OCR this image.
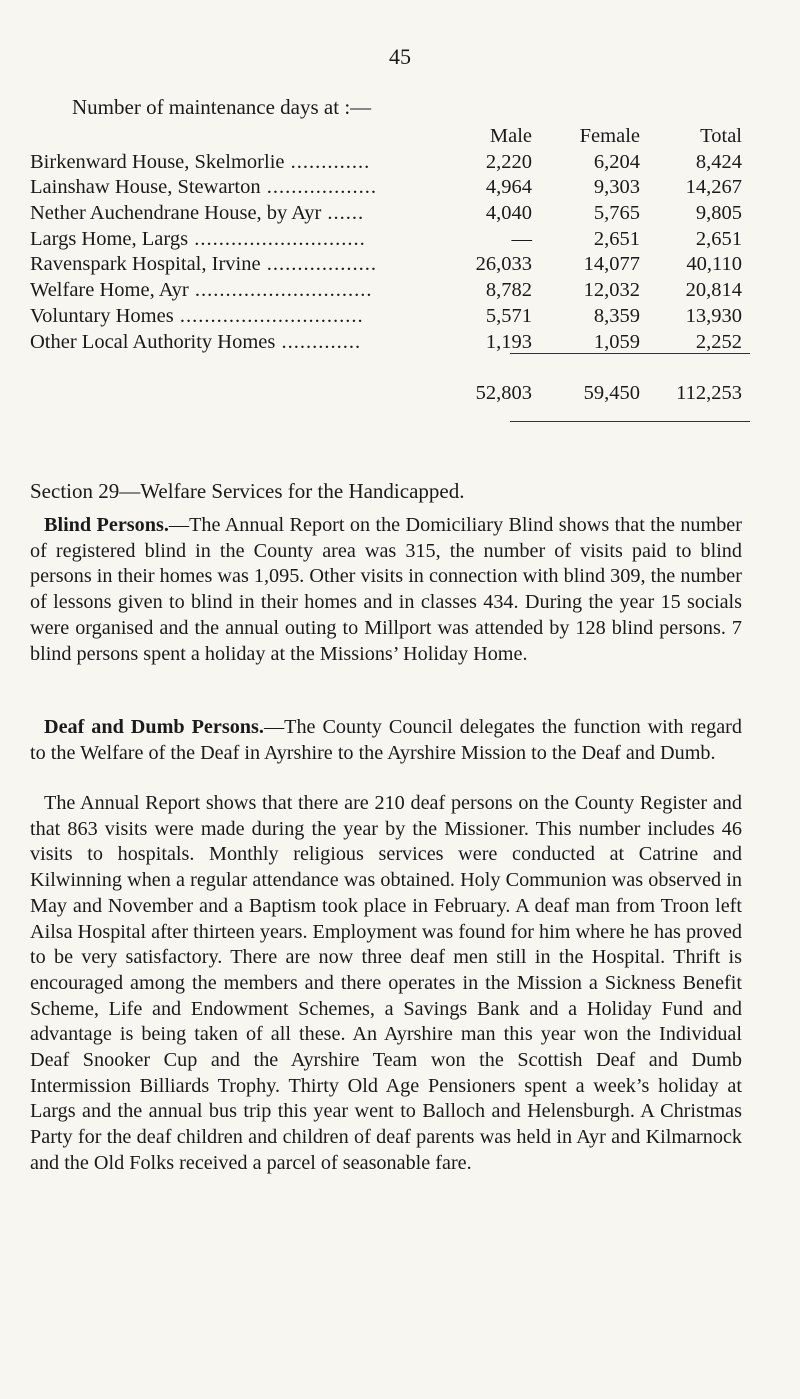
45
Number of maintenance days at :—
Male	Female	Total
Birkenward House, Skelmorlie .............	2,220	6,204	8,424
Lainshaw House, Stewarton ..................	4,964	9,303	14,267
Nether Auchendrane House, by Ayr ......	4,040	5,765	9,805
Largs Home, Largs ............................	—	2,651	2,651
Ravenspark Hospital, Irvine ..................	26,033	14,077	40,110
Welfare Home, Ayr .............................	8,782	12,032	20,814
Voluntary Homes ..............................	5,571	8,359	13,930
Other Local Authority Homes .............	1,193	1,059	2,252
52,803	59,450	112,253
Section 29—Welfare Services for the Handicapped.
Blind Persons.—The Annual Report on the Domiciliary Blind shows that the number of registered blind in the County area was 315, the number of visits paid to blind persons in their homes was 1,095. Other visits in connection with blind 309, the number of lessons given to blind in their homes and in classes 434. During the year 15 socials were organised and the annual outing to Millport was attended by 128 blind persons. 7 blind persons spent a holiday at the Missions’ Holiday Home.
Deaf and Dumb Persons.—The County Council delegates the function with regard to the Welfare of the Deaf in Ayrshire to the Ayrshire Mission to the Deaf and Dumb.
The Annual Report shows that there are 210 deaf persons on the County Register and that 863 visits were made during the year by the Missioner. This number includes 46 visits to hospitals. Monthly religious services were conducted at Catrine and Kilwinning when a regular attendance was obtained. Holy Communion was observed in May and November and a Baptism took place in February. A deaf man from Troon left Ailsa Hospital after thirteen years. Employment was found for him where he has proved to be very satisfactory. There are now three deaf men still in the Hospital. Thrift is encouraged among the members and there operates in the Mission a Sickness Benefit Scheme, Life and Endowment Schemes, a Savings Bank and a Holiday Fund and advantage is being taken of all these. An Ayrshire man this year won the Individual Deaf Snooker Cup and the Ayrshire Team won the Scottish Deaf and Dumb Intermission Billiards Trophy. Thirty Old Age Pensioners spent a week’s holiday at Largs and the annual bus trip this year went to Balloch and Helensburgh. A Christmas Party for the deaf children and children of deaf parents was held in Ayr and Kilmarnock and the Old Folks received a parcel of seasonable fare.
